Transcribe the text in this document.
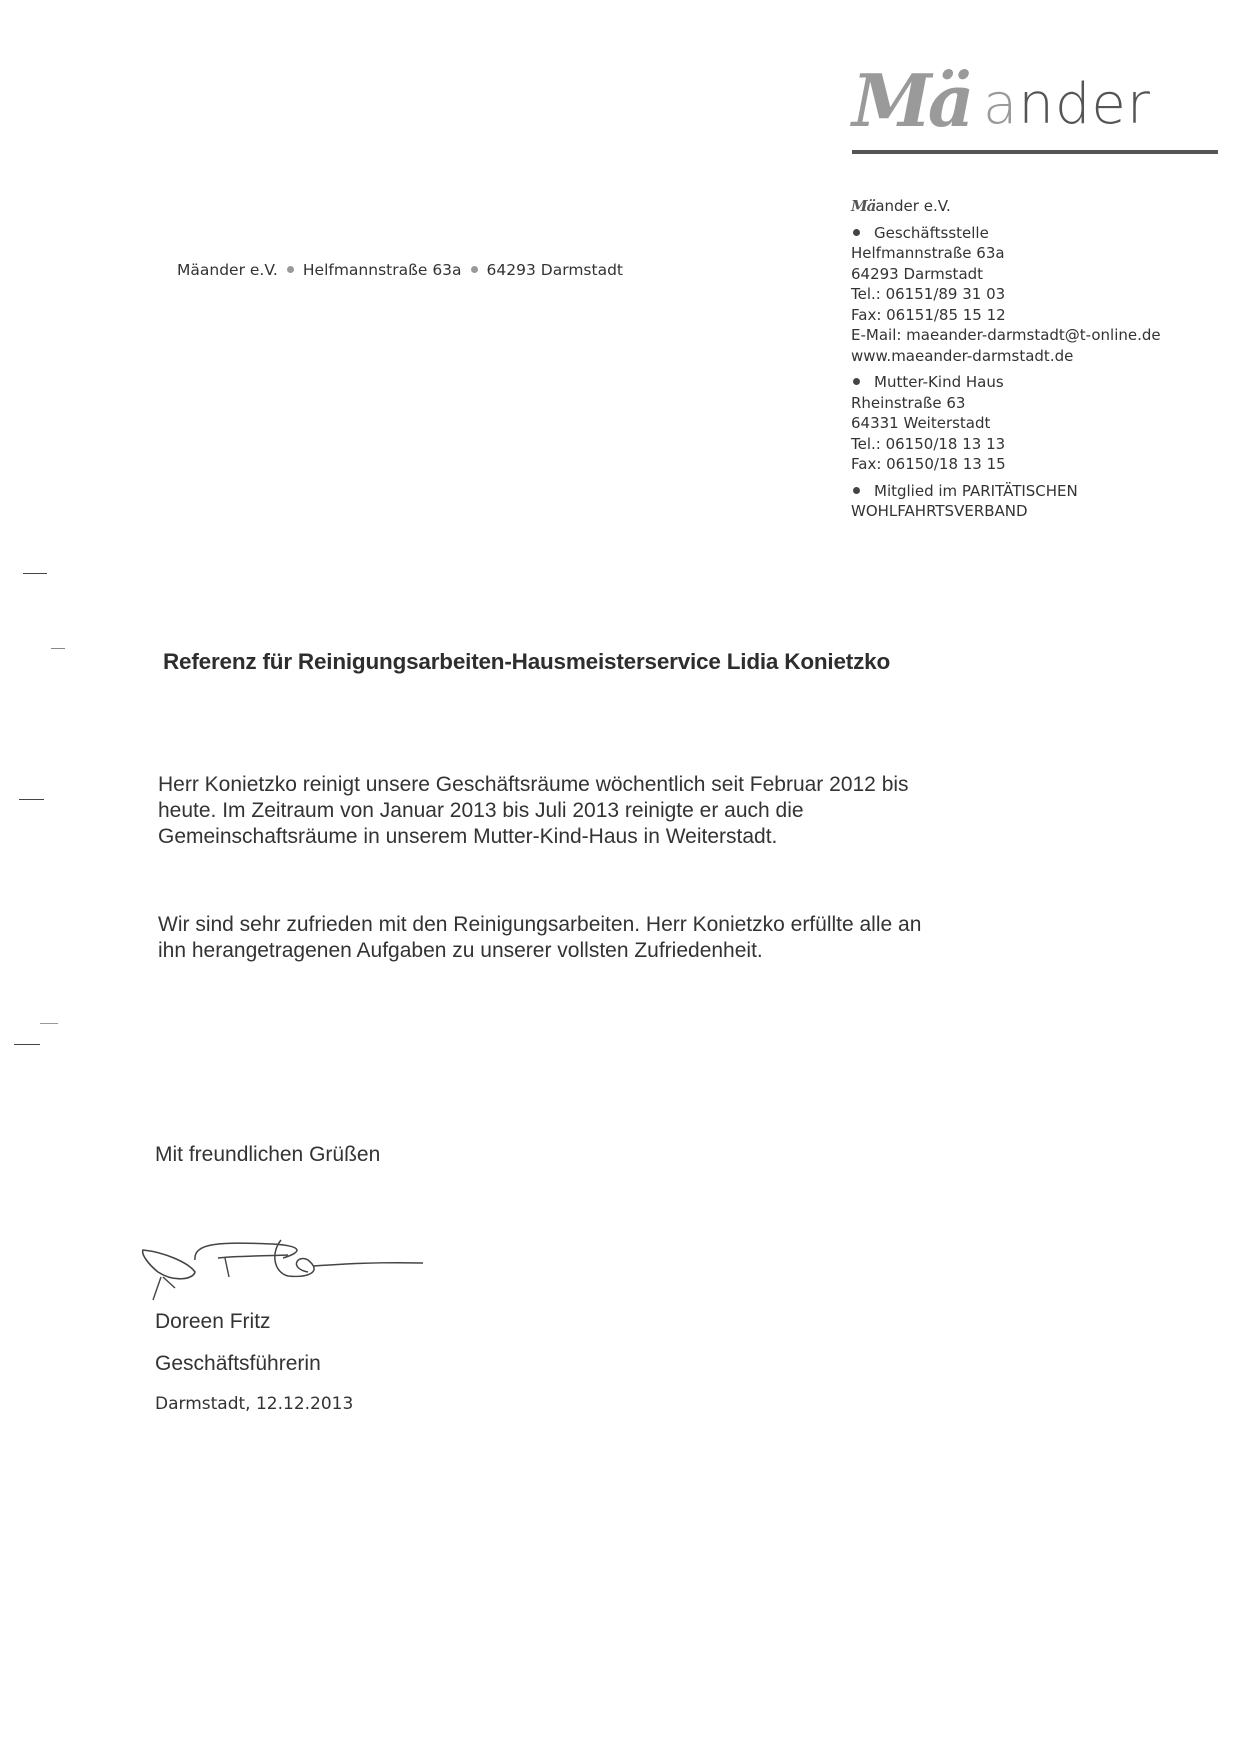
Mä ander
Mäander e.V. Helfmannstraße 63a 64293 Darmstadt
Mäander e.V.
Geschäftsstelle
Helfmannstraße 63a
64293 Darmstadt
Tel.: 06151/89 31 03
Fax: 06151/85 15 12
E-Mail: maeander-darmstadt@t-online.de
www.maeander-darmstadt.de
Mutter-Kind Haus
Rheinstraße 63
64331 Weiterstadt
Tel.: 06150/18 13 13
Fax: 06150/18 13 15
Mitglied im PARITÄTISCHEN
WOHLFAHRTSVERBAND
Referenz für Reinigungsarbeiten-Hausmeisterservice Lidia Konietzko
Herr Konietzko reinigt unsere Geschäftsräume wöchentlich seit Februar 2012 bis
heute. Im Zeitraum von Januar 2013 bis Juli 2013 reinigte er auch die
Gemeinschaftsräume in unserem Mutter-Kind-Haus in Weiterstadt.
Wir sind sehr zufrieden mit den Reinigungsarbeiten. Herr Konietzko erfüllte alle an
ihn herangetragenen Aufgaben zu unserer vollsten Zufriedenheit.
Mit freundlichen Grüßen
Doreen Fritz
Geschäftsführerin
Darmstadt, 12.12.2013
